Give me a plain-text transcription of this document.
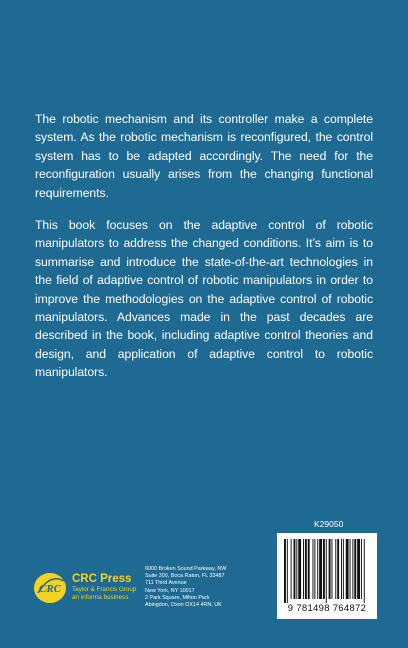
The robotic mechanism and its controller make a complete system. As the robotic mechanism is reconfigured, the control system has to be adapted accordingly. The need for the reconfiguration usually arises from the changing functional requirements.

This book focuses on the adaptive control of robotic manipulators to address the changed conditions. It’s aim is to summarise and introduce the state-of-the-art technologies in the field of adaptive control of robotic manipulators in order to improve the methodologies on the adaptive control of robotic manipulators. Advances made in the past decades are described in the book, including adaptive control theories and design, and application of adaptive control to robotic manipulators.

K29050
9 781498 764872
CRC
CRC Press
Taylor & Francis Group
an informa business
6000 Broken Sound Parkway, NW
Suite 300, Boca Raton, FL 33487
711 Third Avenue
New York, NY 10017
2 Park Square, Milton Park
Abingdon, Oxon OX14 4RN, UK
